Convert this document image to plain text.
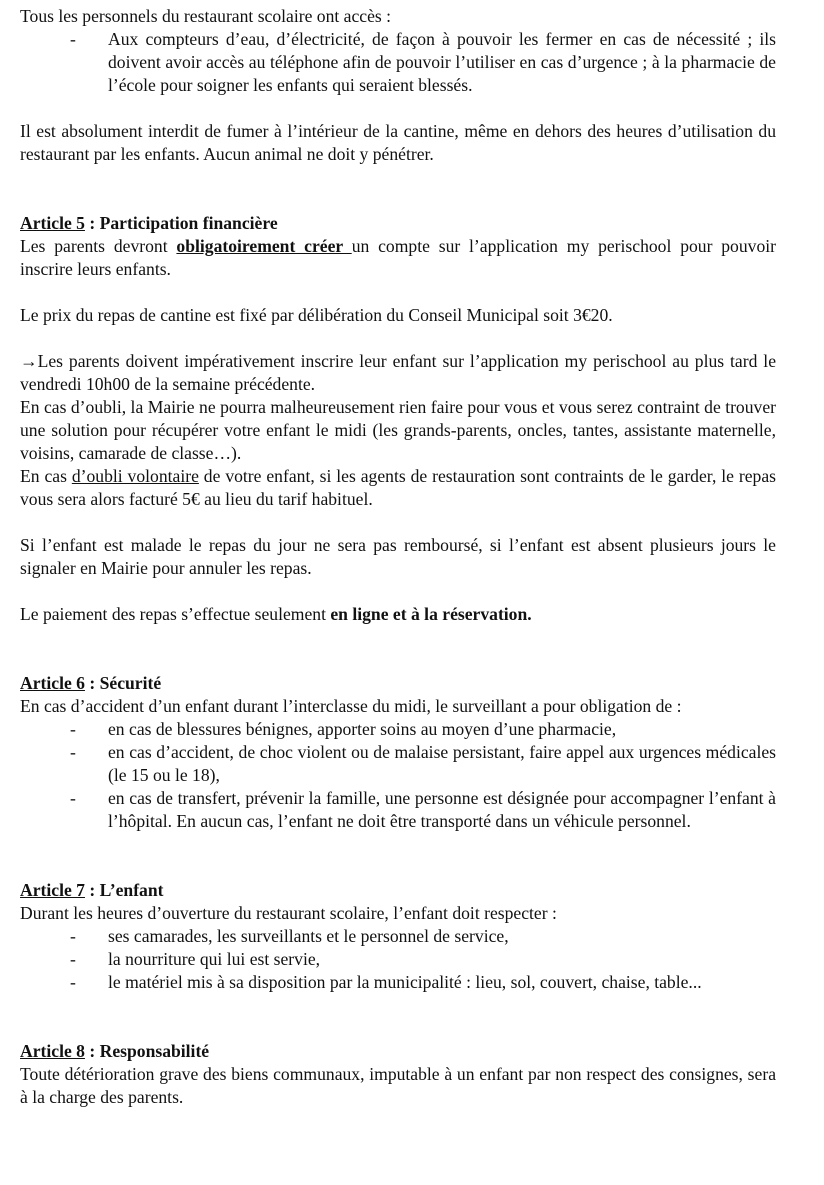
Tous les personnels du restaurant scolaire ont accès :

- Aux compteurs d’eau, d’électricité, de façon à pouvoir les fermer en cas de nécessité ; ils doivent avoir accès au téléphone afin de pouvoir l’utiliser en cas d’urgence ; à la pharmacie de l’école pour soigner les enfants qui seraient blessés.

Il est absolument interdit de fumer à l’intérieur de la cantine, même en dehors des heures d’utilisation du restaurant par les enfants. Aucun animal ne doit y pénétrer.

Article 5 : Participation financière

Les parents devront obligatoirement créer un compte sur l’application my perischool pour pouvoir inscrire leurs enfants.

Le prix du repas de cantine est fixé par délibération du Conseil Municipal soit 3€20.

→Les parents doivent impérativement inscrire leur enfant sur l’application my perischool au plus tard le vendredi 10h00 de la semaine précédente.

En cas d’oubli, la Mairie ne pourra malheureusement rien faire pour vous et vous serez contraint de trouver une solution pour récupérer votre enfant le midi (les grands-parents, oncles, tantes, assistante maternelle, voisins, camarade de classe…).

En cas d’oubli volontaire de votre enfant, si les agents de restauration sont contraints de le garder, le repas vous sera alors facturé 5€ au lieu du tarif habituel.

Si l’enfant est malade le repas du jour ne sera pas remboursé, si l’enfant est absent plusieurs jours le signaler en Mairie pour annuler les repas.

Le paiement des repas s’effectue seulement en ligne et à la réservation.

Article 6 : Sécurité

En cas d’accident d’un enfant durant l’interclasse du midi, le surveillant a pour obligation de :

- en cas de blessures bénignes, apporter soins au moyen d’une pharmacie,
- en cas d’accident, de choc violent ou de malaise persistant, faire appel aux urgences médicales (le 15 ou le 18),
- en cas de transfert, prévenir la famille, une personne est désignée pour accompagner l’enfant à l’hôpital. En aucun cas, l’enfant ne doit être transporté dans un véhicule personnel.

Article 7 : L’enfant

Durant les heures d’ouverture du restaurant scolaire, l’enfant doit respecter :

- ses camarades, les surveillants et le personnel de service,
- la nourriture qui lui est servie,
- le matériel mis à sa disposition par la municipalité : lieu, sol, couvert, chaise, table...

Article 8 : Responsabilité

Toute détérioration grave des biens communaux, imputable à un enfant par non respect des consignes, sera à la charge des parents.
